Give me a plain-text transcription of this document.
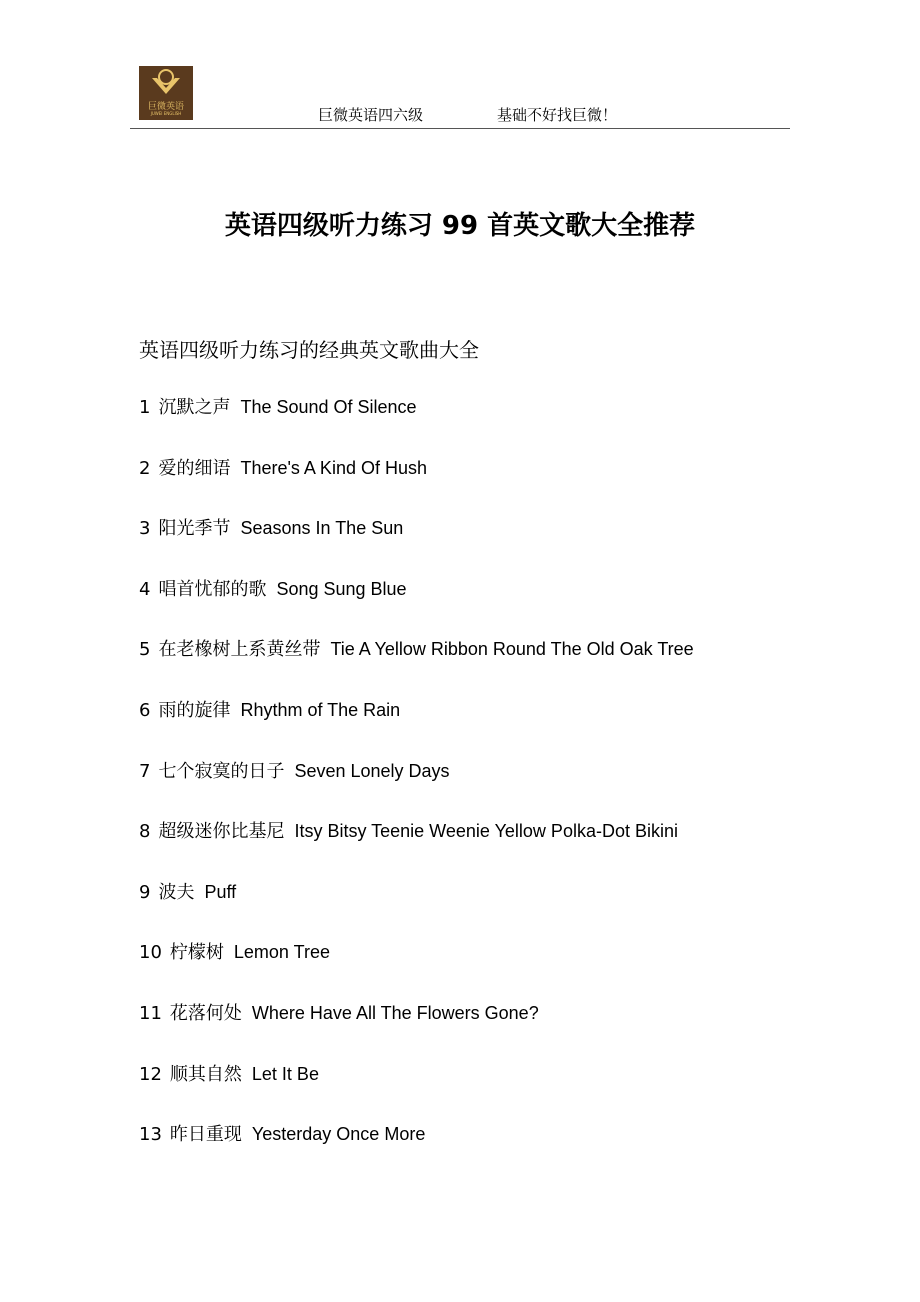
巨微英语
JUWEI ENGLISH	巨微英语四六级	基础不好找巨微！
英语四级听力练习 99 首英文歌大全推荐
英语四级听力练习的经典英文歌曲大全
1 沉默之声 The Sound Of Silence
2 爱的细语 There's A Kind Of Hush
3 阳光季节 Seasons In The Sun
4 唱首忧郁的歌 Song Sung Blue
5 在老橡树上系黄丝带 Tie A Yellow Ribbon Round The Old Oak Tree
6 雨的旋律 Rhythm of The Rain
7 七个寂寞的日子 Seven Lonely Days
8 超级迷你比基尼 Itsy Bitsy Teenie Weenie Yellow Polka-Dot Bikini
9 波夫 Puff
10 柠檬树 Lemon Tree
11 花落何处 Where Have All The Flowers Gone?
12 顺其自然 Let It Be
13 昨日重现 Yesterday Once More
